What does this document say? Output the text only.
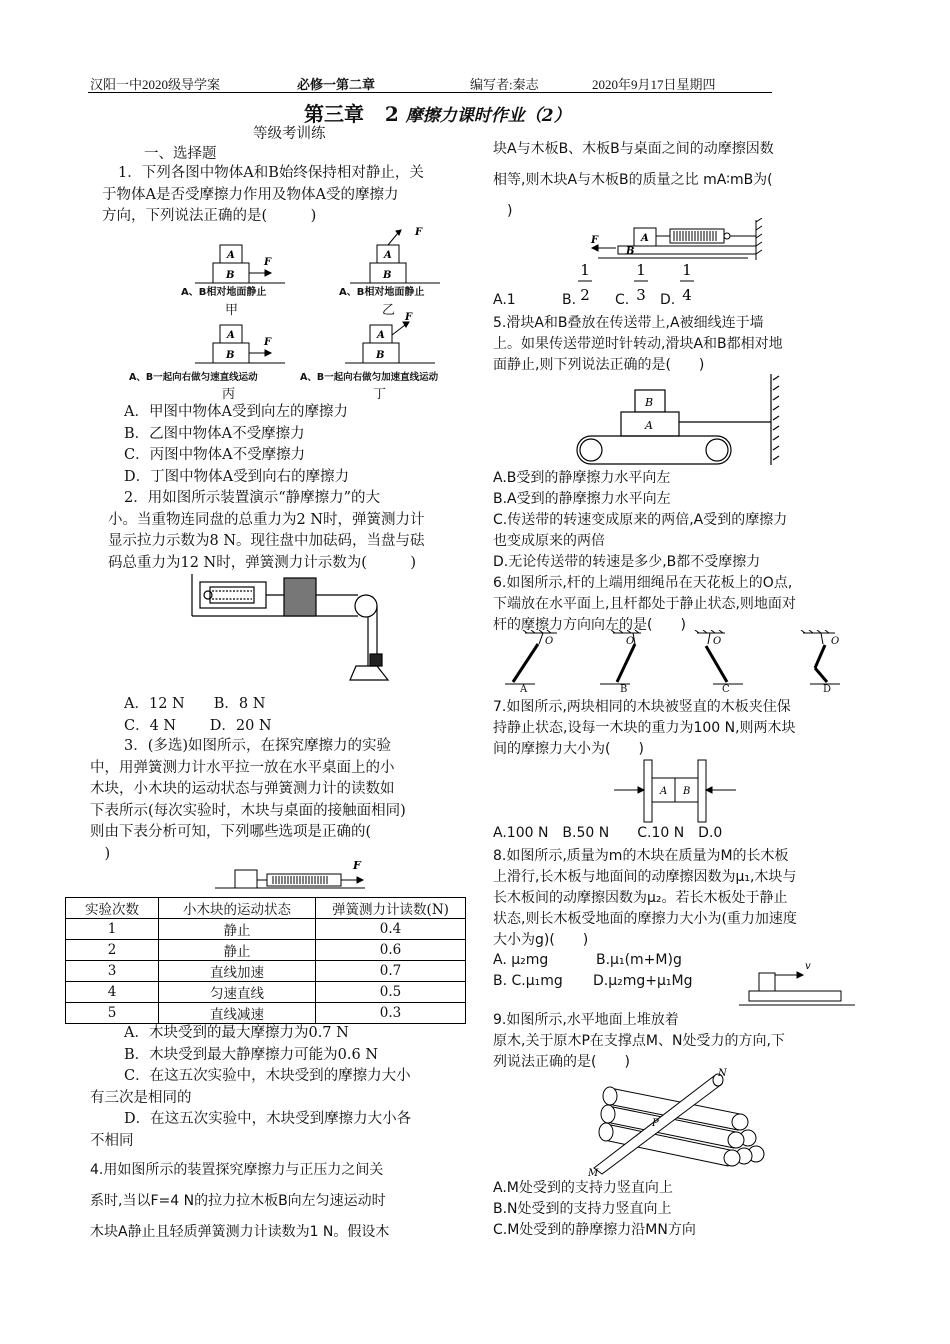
汉阳一中2020级导学案	必修一第二章	编写者:秦志	2020年9月17日星期四
第三章 2 摩擦力课时作业（2）
等级考训练
一、选择题
1．下列各图中物体A和B始终保持相对静止，关
于物体A是否受摩擦力作用及物体A受的摩擦力
方向，下列说法正确的是(　　　)
A
B
F
A
B
F
A
B
F
A
B
F
A、B相对地面静止	A、B相对地面静止
甲	乙
A、B一起向右做匀速直线运动	A、B一起向右做匀加速直线运动
丙	丁
A．甲图中物体A受到向左的摩擦力
B．乙图中物体A不受摩擦力
C．丙图中物体A不受摩擦力
D．丁图中物体A受到向右的摩擦力
2．用如图所示装置演示“静摩擦力”的大
小。当重物连同盘的总重力为2 N时，弹簧测力计
显示拉力示数为8 N。现往盘中加砝码，当盘与砝
码总重力为12 N时，弹簧测力计示数为(　　　)
A．12 N　　B．8 N
C．4 N　　 D．20 N
3．(多选)如图所示，在探究摩擦力的实验
中，用弹簧测力计水平拉一放在水平桌面上的小
木块，小木块的运动状态与弹簧测力计的读数如
下表所示(每次实验时，木块与桌面的接触面相同)
则由下表分析可知，下列哪些选项是正确的(
　)
F
实验次数	小木块的运动状态	弹簧测力计读数(N)
1	静止	0.4
2	静止	0.6
3	直线加速	0.7
4	匀速直线	0.5
5	直线减速	0.3
A．木块受到的最大摩擦力为0.7 N
B．木块受到最大静摩擦力可能为0.6 N
C．在这五次实验中，木块受到的摩擦力大小
有三次是相同的
D．在这五次实验中，木块受到摩擦力大小各
不相同
4.用如图所示的装置探究摩擦力与正压力之间关
系时,当以F=4 N的拉力拉木板B向左匀速运动时
木块A静止且轻质弹簧测力计读数为1 N。假设木
块A与木板B、木板B与桌面之间的动摩擦因数
相等,则木块A与木板B的质量之比 mA∶mB为(
　)
A
B
F
A.1	B.	C. D.
1
2
1
3
1
4
5.滑块A和B叠放在传送带上,A被细线连于墙
上。如果传送带逆时针转动,滑块A和B都相对地
面静止,则下列说法正确的是(　　)
B
A
A.B受到的静摩擦力水平向左
B.A受到的静摩擦力水平向左
C.传送带的转速变成原来的两倍,A受到的摩擦力
也变成原来的两倍
D.无论传送带的转速是多少,B都不受摩擦力
6.如图所示,杆的上端用细绳吊在天花板上的O点,
下端放在水平面上,且杆都处于静止状态,则地面对
杆的摩擦力方向向左的是(　　)
O	O	O	O
A	B	C	D
7.如图所示,两块相同的木块被竖直的木板夹住保
持静止状态,设每一木块的重力为100 N,则两木块
间的摩擦力大小为(　　)
A B
A.100 N　B.50 N　　C.10 N　D.0
8.如图所示,质量为m的木块在质量为M的长木板
上滑行,长木板与地面间的动摩擦因数为μ₁,木块与
长木板间的动摩擦因数为μ₂。若长木板处于静止
状态,则长木板受地面的摩擦力大小为(重力加速度
大小为g)(　　)
A. μ₂mg	B.μ₁(m+M)g
B. C.μ₁mg D.μ₂mg+μ₁Mg
v
9.如图所示,水平地面上堆放着
原木,关于原木P在支撑点M、N处受力的方向,下
列说法正确的是(　　)
N
P
M
A.M处受到的支持力竖直向上
B.N处受到的支持力竖直向上
C.M处受到的静摩擦力沿MN方向
